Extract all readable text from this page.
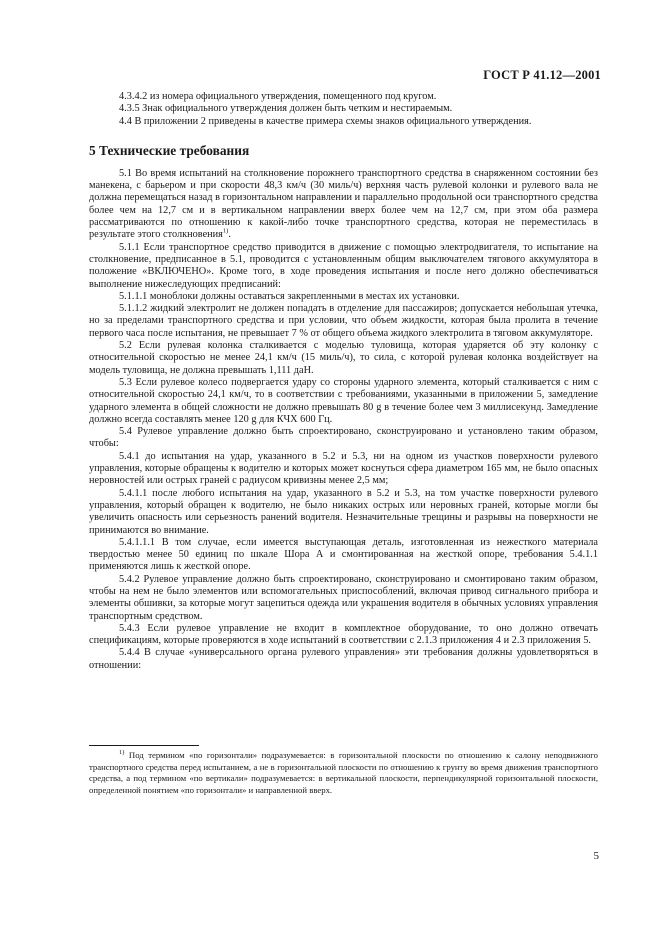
ГОСТ Р 41.12—2001

4.3.4.2 из номера официального утверждения, помещенного под кругом.

4.3.5 Знак официального утверждения должен быть четким и нестираемым.

4.4 В приложении 2 приведены в качестве примера схемы знаков официального утверждения.

5 Технические требования

5.1 Во время испытаний на столкновение порожнего транспортного средства в снаряженном состоянии без манекена, с барьером и при скорости 48,3 км/ч (30 миль/ч) верхняя часть рулевой колонки и рулевого вала не должна перемещаться назад в горизонтальном направлении и параллельно продольной оси транспортного средства более чем на 12,7 см и в вертикальном направлении вверх более чем на 12,7 см, при этом оба размера рассматриваются по отношению к какой-либо точке транспортного средства, которая не переместилась в результате этого столкновения$^{1)}$.

5.1.1 Если транспортное средство приводится в движение с помощью электродвигателя, то испытание на столкновение, предписанное в 5.1, проводится с установленным общим выключателем тягового аккумулятора в положение «ВКЛЮЧЕНО». Кроме того, в ходе проведения испытания и после него должно обеспечиваться выполнение нижеследующих предписаний:

5.1.1.1 моноблоки должны оставаться закрепленными в местах их установки.

5.1.1.2 жидкий электролит не должен попадать в отделение для пассажиров; допускается небольшая утечка, но за пределами транспортного средства и при условии, что объем жидкости, которая была пролита в течение первого часа после испытания, не превышает 7 % от общего объема жидкого электролита в тяговом аккумуляторе.

5.2 Если рулевая колонка сталкивается с моделью туловища, которая ударяется об эту колонку с относительной скоростью не менее 24,1 км/ч (15 миль/ч), то сила, с которой рулевая колонка воздействует на модель туловища, не должна превышать 1,111 даН.

5.3 Если рулевое колесо подвергается удару со стороны ударного элемента, который сталкивается с ним с относительной скоростью 24,1 км/ч, то в соответствии с требованиями, указанными в приложении 5, замедление ударного элемента в общей сложности не должно превышать 80 g в течение более чем 3 миллисекунд. Замедление должно всегда составлять менее 120 g для КЧХ 600 Гц.

5.4 Рулевое управление должно быть спроектировано, сконструировано и установлено таким образом, чтобы:

5.4.1 до испытания на удар, указанного в 5.2 и 5.3, ни на одном из участков поверхности рулевого управления, которые обращены к водителю и которых может коснуться сфера диаметром 165 мм, не было опасных неровностей или острых граней с радиусом кривизны менее 2,5 мм;

5.4.1.1 после любого испытания на удар, указанного в 5.2 и 5.3, на том участке поверхности рулевого управления, который обращен к водителю, не было никаких острых или неровных граней, которые могли бы увеличить опасность или серьезность ранений водителя. Незначительные трещины и разрывы на поверхности не принимаются во внимание.

5.4.1.1.1 В том случае, если имеется выступающая деталь, изготовленная из нежесткого материала твердостью менее 50 единиц по шкале Шора А и смонтированная на жесткой опоре, требования 5.4.1.1 применяются лишь к жесткой опоре.

5.4.2 Рулевое управление должно быть спроектировано, сконструировано и смонтировано таким образом, чтобы на нем не было элементов или вспомогательных приспособлений, включая привод сигнального прибора и элементы обшивки, за которые могут зацепиться одежда или украшения водителя в обычных условиях управления транспортным средством.

5.4.3 Если рулевое управление не входит в комплектное оборудование, то оно должно отвечать спецификациям, которые проверяются в ходе испытаний в соответствии с 2.1.3 приложения 4 и 2.3 приложения 5.

5.4.4 В случае «универсального органа рулевого управления» эти требования должны удовлетворяться в отношении:

$^{1)}$ Под термином «по горизонтали» подразумевается: в горизонтальной плоскости по отношению к салону неподвижного транспортного средства перед испытанием, а не в горизонтальной плоскости по отношению к грунту во время движения транспортного средства, а под термином «по вертикали» подразумевается: в вертикальной плоскости, перпендикулярной горизонтальной плоскости, определенной понятием «по горизонтали» и направленной вверх.

5
